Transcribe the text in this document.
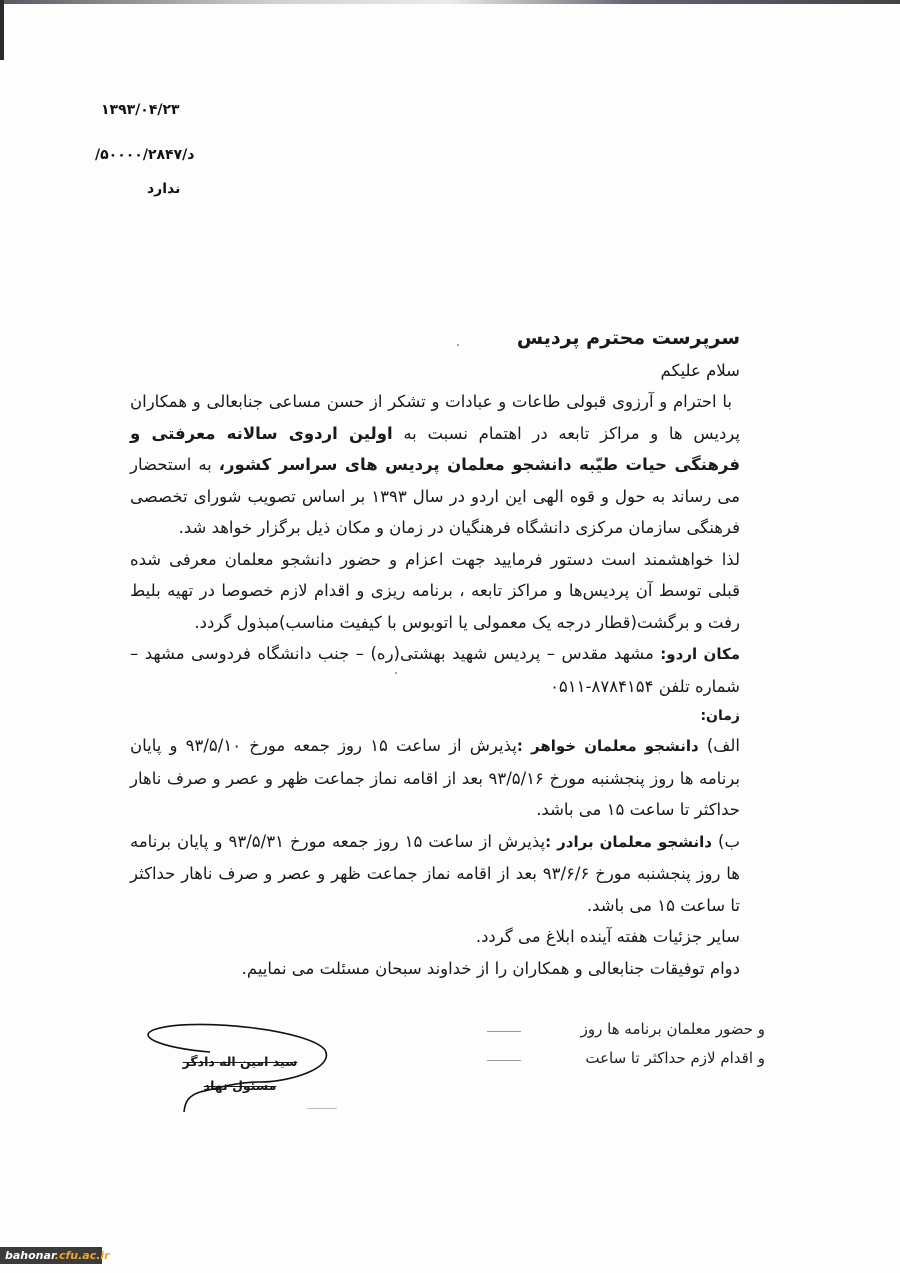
۱۳۹۳/۰۴/۲۳
د/۵۰۰۰۰/۲۸۴۷/
ندارد

سرپرست محترم پردیس

سلام علیکم

با احترام و آرزوی قبولی طاعات و عبادات و تشکر از حسن مساعی جنابعالی و همکاران پردیس ها و مراکز تابعه در اهتمام نسبت به اولین اردوی سالانه معرفتی و فرهنگی حیات طیّبه دانشجو معلمان پردیس های سراسر کشور، به استحضار می رساند به حول و قوه الهی این اردو در سال ۱۳۹۳ بر اساس تصویب شورای تخصصی فرهنگی سازمان مرکزی دانشگاه فرهنگیان در زمان و مکان ذیل برگزار خواهد شد.

لذا خواهشمند است دستور فرمایید جهت اعزام و حضور دانشجو معلمان معرفی شده قبلی توسط آن پردیس‌ها و مراکز تابعه ، برنامه ریزی و اقدام لازم خصوصا در تهیه بلیط رفت و برگشت(قطار درجه یک معمولی یا اتوبوس با کیفیت مناسب)مبذول گردد.

مکان اردو: مشهد مقدس – پردیس شهید بهشتی(ره) – جنب دانشگاه فردوسی مشهد – شماره تلفن ۸۷۸۴۱۵۴-۰۵۱۱

زمان:

الف) دانشجو معلمان خواهر :پذیرش از ساعت ۱۵ روز جمعه مورخ ۹۳/۵/۱۰ و پایان برنامه ها روز پنجشنبه مورخ ۹۳/۵/۱۶ بعد از اقامه نماز جماعت ظهر و عصر و صرف ناهار حداکثر تا ساعت ۱۵ می باشد.

ب) دانشجو معلمان برادر :پذیرش از ساعت ۱۵ روز جمعه مورخ ۹۳/۵/۳۱ و پایان برنامه ها روز پنجشنبه مورخ ۹۳/۶/۶ بعد از اقامه نماز جماعت ظهر و عصر و صرف ناهار حداکثر تا ساعت ۱۵ می باشد.

سایر جزئیات هفته آینده ابلاغ می گردد.

دوام توفیقات جنابعالی و همکاران را از خداوند سبحان مسئلت می نماییم.

و حضور معلمان برنامه ها روز
و اقدام لازم حداکثر تا ساعت
سید امین اله دادگر
مسئول نهاد
bahonar.cfu.ac.ir
